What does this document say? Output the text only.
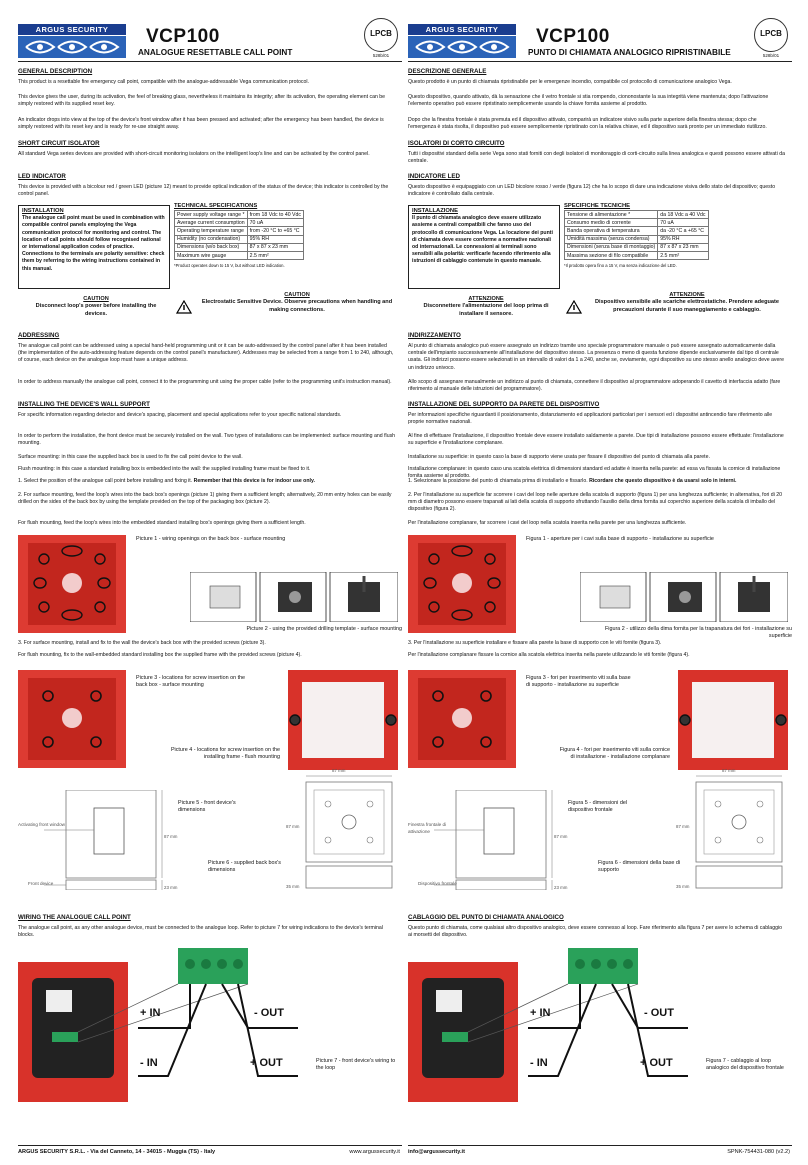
ARGUS SECURITY	VCP100
ANALOGUE RESETTABLE CALL POINT
LPCB
528b/01
GENERAL DESCRIPTION
This product is a resettable fire emergency call point, compatible with the analogue-addressable Vega communication protocol.
This device gives the user, during its activation, the feel of breaking glass, nevertheless it maintains its integrity; after its activation, the operating element can be simply restored with its supplied reset key.
An indicator drops into view at the top of the device's front window after it has been pressed and activated; after the emergency has been handled, the device is simply restored with its reset key and is ready for re-use straight away.
SHORT CIRCUIT ISOLATOR
All standard Vega series devices are provided with short-circuit monitoring isolators on the intelligent loop's line and can be activated by the control panel.
LED INDICATOR
This device is provided with a bicolour red / green LED (picture 12) meant to provide optical indication of the status of the device; this indicator is controlled by the control panel.
INSTALLATION
The analogue call point must be used in combination with compatible control panels employing the Vega communication protocol for monitoring and control. The location of call points should follow recognised national or international application codes of practice. Connections to the terminals are polarity sensitive: check them by referring to the wiring instructions contained in this manual.
TECHNICAL SPECIFICATIONS
Power supply voltage range *	from 18 Vdc to 40 Vdc
Average current consumption	70 uA
Operating temperature range	from -20 °C to +65 °C
Humidity (no condensation)	95% RH
Dimensions (w/o back box)	87 x 87 x 23 mm
Maximum wire gauge	2.5 mm²
*Product operates down to 15 V, but without LED indication.
CAUTION
Disconnect loop's power before installing the devices.
CAUTION
Electrostatic Sensitive Device. Observe precautions when handling and making connections.
ADDRESSING
The analogue call point can be addressed using a special hand-held programming unit or it can be auto-addressed by the control panel after it has been installed (the implementation of the auto-addressing feature depends on the control panel's manufacturer). Addresses may be selected from a range from 1 to 240, although, of course, each device on the analogue loop must have a unique address.
In order to address manually the analogue call point, connect it to the programming unit using the proper cable (refer to the programming unit's instruction manual).
INSTALLING THE DEVICE'S WALL SUPPORT
For specific information regarding detector and device's spacing, placement and special applications refer to your specific national standards.
In order to perform the installation, the front device must be securely installed on the wall. Two types of installations can be implemented: surface mounting and flush mounting.
Surface mounting: in this case the supplied back box is used to fix the call point device to the wall.
Flush mounting: in this case a standard installing box is embedded into the wall: the supplied installing frame must be fixed to it.
1. Select the position of the analogue call point before installing and fixing it. Remember that this device is for indoor use only.
2. For surface mounting, feed the loop's wires into the back box's openings (picture 1) giving them a sufficient length; alternatively, 20 mm entry holes can be easily drilled on the sides of the back box by using the template provided on the top of the packaging box (picture 2).
For flush mounting, feed the loop's wires into the embedded standard installing box's openings giving them a sufficient length.
Picture 1 - wiring openings on the back box - surface mounting
Picture 2 - using the provided drilling template - surface mounting
3. For surface mounting, install and fix to the wall the device's back box with the provided screws (picture 3).
For flush mounting, fix to the wall-embedded standard installing box the supplied frame with the provided screws (picture 4).
Picture 3 - locations for screw insertion on the back box - surface mounting
Picture 4 - locations for screw insertion on the installing frame - flush mounting
Activating front window
Front device
87 mm
23 mm
Picture 5 - front device's dimensions
87 mm
87 mm
35 mm
Picture 6 - supplied back box's dimensions
WIRING THE ANALOGUE CALL POINT
The analogue call point, as any other analogue device, must be connected to the analogue loop. Refer to picture 7 for wiring indications to the device's terminal blocks.
+ IN
- IN
- OUT
+ OUT	Picture 7 - front device's wiring to the loop
ARGUS SECURITY S.R.L. - Via del Canneto, 14 - 34015 - Muggia (TS) - Italy	www.argussecurity.it
ARGUS SECURITY	VCP100
PUNTO DI CHIAMATA ANALOGICO RIPRISTINABILE
LPCB
528b/01
DESCRIZIONE GENERALE
Questo prodotto è un punto di chiamata ripristinabile per le emergenze incendio, compatibile col protocollo di comunicazione analogico Vega.
Questo dispositivo, quando attivato, dà la sensazione che il vetro frontale si stia rompendo, ciononostante la sua integrità viene mantenuta; dopo l'attivazione l'elemento operativo può essere ripristinato semplicemente usando la chiave fornita assieme al prodotto.
Dopo che la finestra frontale è stata premuta ed il dispositivo attivato, comparirà un indicatore visivo sulla parte superiore della finestra stessa; dopo che l'emergenza è stata risolta, il dispositivo può essere semplicemente ripristinato con la relativa chiave, ed il dispositivo sarà pronto per un immediato riutilizzo.
ISOLATORI DI CORTO CIRCUITO
Tutti i dispositivi standard della serie Vega sono stati forniti con degli isolatori di monitoraggio di corti-circuito sulla linea analogica e questi possono essere attivati da centrale.
INDICATORE LED
Questo dispositivo è equipaggiato con un LED bicolore rosso / verde (figura 12) che ha lo scopo di dare una indicazione visiva dello stato del dispositivo; questo indicatore è controllato dalla centrale.
INSTALLAZIONE
Il punto di chiamata analogico deve essere utilizzato assieme a centrali compatibili che fanno uso del protocollo di comunicazione Vega. La locazione dei punti di chiamata deve essere conforme a normative nazionali od internazionali. Le connessioni ai terminali sono sensibili alla polarità: verificarle facendo riferimento alla istruzioni di cablaggio contenute in questo manuale.
SPECIFICHE TECNICHE
Tensione di alimentazione *	da 18 Vdc a 40 Vdc
Consumo medio di corrente	70 uA
Banda operativa di temperatura	da -20 °C a +65 °C
Umidità massima (senza condensa)	95% RH
Dimensioni (senza base di montaggio)	87 x 87 x 23 mm
Massima sezione di filo compatibile	2.5 mm²
*Il prodotto opera fino a 15 V, ma senza indicazione del LED.
ATTENZIONE
Disconnettere l'alimentazione del loop prima di installare il sensore.
ATTENZIONE
Dispositivo sensibile alle scariche elettrostatiche. Prendere adeguate precauzioni durante il suo maneggiamento e cablaggio.
INDIRIZZAMENTO
Al punto di chiamata analogico può essere assegnato un indirizzo tramite uno speciale programmatore manuale o può essere assegnato automaticamente dalla centrale dell'impianto successivamente all'installazione del dispositivo stesso. La presenza o meno di questa funzione dipende esclusivamente dal tipo di centrale usata. Gli indirizzi possono essere selezionati in un intervallo di valori da 1 a 240, anche se, ovviamente, ogni dispositivo su uno stesso anello analogico deve avere un indirizzo univoco.
Allo scopo di assegnare manualmente un indirizzo al punto di chiamata, connettere il dispositivo al programmatore adoperando il cavetto di interfaccia adatto (fare riferimento al manuale delle istruzioni del programmatore).
INSTALLAZIONE DEL SUPPORTO DA PARETE DEL DISPOSITIVO
Per informazioni specifiche riguardanti il posizionamento, distanziamento ed applicazioni particolari per i sensori ed i dispositivi antincendio fare riferimento alle proprie normative nazionali.
Al fine di effettuare l'installazione, il dispositivo frontale deve essere installato saldamente a parete. Due tipi di installazione possono essere effettuate: l'installazione su superficie e l'installazione complanare.
Installazione su superficie: in questo caso la base di supporto viene usata per fissare il dispositivo del punto di chiamata alla parete.
Installazione complanare: in questo caso una scatola elettrica di dimensioni standard ed adatte è inserita nella parete: ad essa va fissata la cornice di installazione fornita assieme al prodotto.
1. Selezionare la posizione del punto di chiamata prima di installarlo e fissarlo. Ricordare che questo dispositivo è da usarsi solo in interni.
2. Per l'installazione su superficie far scorrere i cavi del loop nelle aperture della scatola di supporto (figura 1) per una lunghezza sufficiente; in alternativa, fori di 20 mm di diametro possono essere trapanati ai lati della scatola di supporto sfruttando l'ausilio della dima fornita sul coperchio superiore della scatola di imballo del dispositivo (figura 2).
Per l'installazione complanare, far scorrere i cavi del loop nella scatola inserita nella parete per una lunghezza sufficiente.
Figura 1 - aperture per i cavi sulla base di supporto - installazione su superficie
Figura 2 - utilizzo della dima fornita per la trapanatura dei fori - installazione su superficie
3. Per l'installazione su superficie installare e fissare alla parete la base di supporto con le viti fornite (figura 3).
Per l'installazione complanare fissare la cornice alla scatola elettrica inserita nella parete utilizzando le viti fornite (figura 4).
Figura 3 - fori per inserimento viti sulla base di supporto - installazione su superficie
Figura 4 - fori per inserimento viti sulla cornice di installazione - installazione complanare
Finestra frontale di attivazione
Dispositivo frontale
87 mm
23 mm
Figura 5 - dimensioni del dispositivo frontale
87 mm
87 mm
35 mm
Figura 6 - dimensioni della base di supporto
CABLAGGIO DEL PUNTO DI CHIAMATA ANALOGICO
Questo punto di chiamata, come qualsiasi altro dispositivo analogico, deve essere connesso al loop. Fare riferimento alla figura 7 per avere lo schema di cablaggio ai morsetti del dispositivo.
+ IN
- IN
- OUT
+ OUT	Figura 7 - cablaggio al loop analogico del dispositivo frontale
info@argussecurity.it	SPNK-754431-080 (v2.2)
